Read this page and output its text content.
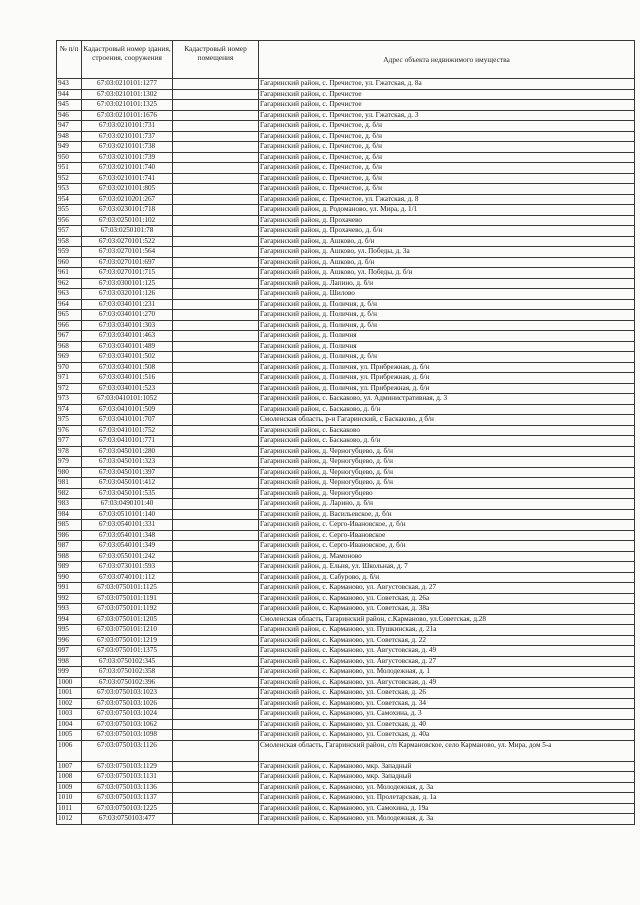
№ п/п	Кадастровый номер здания, строения, сооружения	Кадастровый номер помещения	Адрес объекта недвижимого имущества
943	67:03:0210101:1277		Гагаринский район, с. Пречистое, ул. Гжатская, д. 8а
944	67:03:0210101:1302		Гагаринский район, с. Пречистое
945	67:03:0210101:1325		Гагаринский район, с. Пречистое
946	67:03:0210101:1676		Гагаринский район, с. Пречистое, ул. Гжатская, д. 3
947	67:03:0210101:731		Гагаринский район, с. Пречистое, д. б/н
948	67:03:0210101:737		Гагаринский район, с. Пречистое, д. б/н
949	67:03:0210101:738		Гагаринский район, с. Пречистое, д. б/н
950	67:03:0210101:739		Гагаринский район, с. Пречистое, д. б/н
951	67:03:0210101:740		Гагаринский район, с. Пречистое, д. б/н
952	67:03:0210101:741		Гагаринский район, с. Пречистое, д. б/н
953	67:03:0210101:805		Гагаринский район, с. Пречистое, д. б/н
954	67:03:0210201:267		Гагаринский район, с. Пречистое, ул. Гжатская, д. 8
955	67:03:0230101:718		Гагаринский район, д. Родоманово, ул. Мира, д. 1/1
956	67:03:0250101:102		Гагаринский район, д. Прохачево
957	67:03:0250101:78		Гагаринский район, д. Прохачево, д. б/н
958	67:03:0270101:522		Гагаринский район, д. Ашково, д. б/н
959	67:03:0270101:564		Гагаринский район, д. Ашково, ул. Победы, д. 3а
960	67:03:0270101:697		Гагаринский район, д. Ашково, д. б/н
961	67:03:0270101:715		Гагаринский район, д. Ашково, ул. Победы, д. б/н
962	67:03:0300101:125		Гагаринский район, д. Лапино, д. б/н
963	67:03:0320101:126		Гагаринский район, д. Шилово
964	67:03:0340101:231		Гагаринский район, д. Поличня, д. б/н
965	67:03:0340101:270		Гагаринский район, д. Поличня, д. б/н
966	67:03:0340101:303		Гагаринский район, д. Поличня, д. б/н
967	67:03:0340101:463		Гагаринский район, д. Поличня
968	67:03:0340101:489		Гагаринский район, д. Поличня
969	67:03:0340101:502		Гагаринский район, д. Поличня, д. б/н
970	67:03:0340101:508		Гагаринский район, д. Поличня, ул. Прибрежная, д. б/н
971	67:03:0340101:516		Гагаринский район, д. Поличня, ул. Прибрежная, д. б/н
972	67:03:0340101:523		Гагаринский район, д. Поличня, ул. Прибрежная, д. б/н
973	67:03:0410101:1052		Гагаринский район, с. Баскаково, ул. Административная, д. 3
974	67:03:0410101:509		Гагаринский район, с. Баскаково, д. б/н
975	67:03:0410101:707		Смоленская область, р-н Гагаринский, с Баскаково, д б/н
976	67:03:0410101:752		Гагаринский район, с. Баскаково
977	67:03:0410101:771		Гагаринский район, с. Баскаково, д. б/н
978	67:03:0450101:280		Гагаринский район, д. Черногубцево, д. б/н
979	67:03:0450101:323		Гагаринский район, д. Черногубцево, д. б/н
980	67:03:0450101:397		Гагаринский район, д. Черногубцево, д. б/н
981	67:03:0450101:412		Гагаринский район, д. Черногубцево, д. б/н
982	67:03:0450101:535		Гагаринский район, д. Черногубцево
983	67:03:0490101:40		Гагаринский район, д. Ларино, д. б/н
984	67:03:0510101:140		Гагаринский район, д. Васильевское, д. б/н
985	67:03:0540101:331		Гагаринский район, с. Серго-Ивановское, д. б/н
986	67:03:0540101:348		Гагаринский район, с. Серго-Ивановское
987	67:03:0540101:349		Гагаринский район, с. Серго-Ивановское, д. б/н
988	67:03:0550101:242		Гагаринский район, д. Мамоново
989	67:03:0730101:593		Гагаринский район, д. Ельня, ул. Школьная, д. 7
990	67:03:0740101:112		Гагаринский район, д. Сабурово, д. б/н
991	67:03:0750101:1125		Гагаринский район, с. Карманово, ул. Августовская, д. 27
992	67:03:0750101:1191		Гагаринский район, с. Карманово, ул. Советская, д. 26а
993	67:03:0750101:1192		Гагаринский район, с. Карманово, ул. Советская, д. 38а
994	67:03:0750101:1205		Смоленская область, Гагаринский район, с.Карманово, ул.Советская, д.28
995	67:03:0750101:1210		Гагаринский район, с. Карманово, ул. Пушкинская, д. 21а
996	67:03:0750101:1219		Гагаринский район, с. Карманово, ул. Советская, д. 22
997	67:03:0750101:1375		Гагаринский район, с. Карманово, ул. Августовская, д. 49
998	67:03:0750102:345		Гагаринский район, с. Карманово, ул. Августовская, д. 27
999	67:03:0750102:358		Гагаринский район, с. Карманово, ул. Молодежная, д. 1
1000	67:03:0750102:396		Гагаринский район, с. Карманово, ул. Августовская, д. 49
1001	67:03:0750103:1023		Гагаринский район, с. Карманово, ул. Советская, д. 26
1002	67:03:0750103:1026		Гагаринский район, с. Карманово, ул. Советская, д. 34
1003	67:03:0750103:1024		Гагаринский район, с. Карманово, ул. Самохина, д. 3
1004	67:03:0750103:1062		Гагаринский район, с. Карманово, ул. Советская, д. 40
1005	67:03:0750103:1098		Гагаринский район, с. Карманово, ул. Советская, д. 40а
1006	67:03:0750103:1126		Смоленская область, Гагаринский район, с/п Кармановское, село Карманово, ул. Мира, дом 5-а
1007	67:03:0750103:1129		Гагаринский район, с. Карманово, мкр. Западный
1008	67:03:0750103:1131		Гагаринский район, с. Карманово, мкр. Западный
1009	67:03:0750103:1136		Гагаринский район, с. Карманово, ул. Молодежная, д. 3а
1010	67:03:0750103:1137		Гагаринский район, с. Карманово, ул. Пролетарская, д. 1а
1011	67:03:0750103:1225		Гагаринский район, с. Карманово, ул. Самохина, д. 19а
1012	67:03:0750103:477		Гагаринский район, с. Карманово, ул. Молодежная, д. 3а
